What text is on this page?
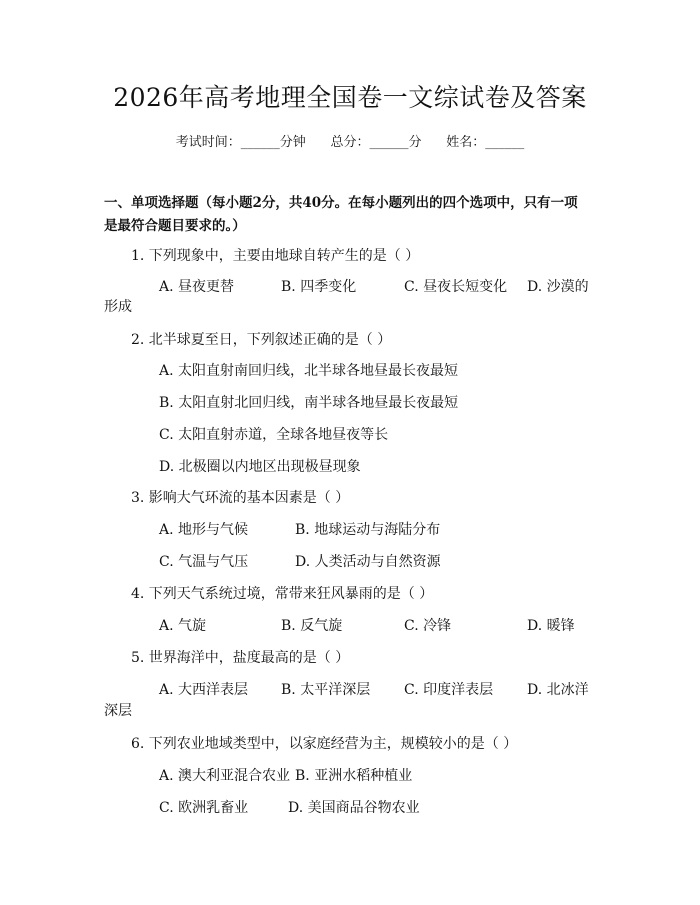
2026年高考地理全国卷一文综试卷及答案
考试时间：______分钟      总分：______分      姓名：______
一、单项选择题（每小题2分，共40分。在每小题列出的四个选项中，只有一项
是最符合题目要求的。）
1. 下列现象中，主要由地球自转产生的是（ ）
A. 昼夜更替	B. 四季变化	C. 昼夜长短变化 D. 沙漠的
形成
2. 北半球夏至日，下列叙述正确的是（ ）
A. 太阳直射南回归线，北半球各地昼最长夜最短
B. 太阳直射北回归线，南半球各地昼最长夜最短
C. 太阳直射赤道，全球各地昼夜等长
D. 北极圈以内地区出现极昼现象
3. 影响大气环流的基本因素是（ ）
A. 地形与气候	B. 地球运动与海陆分布
C. 气温与气压	D. 人类活动与自然资源
4. 下列天气系统过境，常带来狂风暴雨的是（ ）
A. 气旋	B. 反气旋	C. 冷锋	D. 暖锋
5. 世界海洋中，盐度最高的是（ ）
A. 大西洋表层 B. 太平洋深层 C. 印度洋表层 D. 北冰洋
深层
6. 下列农业地域类型中，以家庭经营为主，规模较小的是（ ）
A. 澳大利亚混合农业 B. 亚洲水稻种植业
C. 欧洲乳畜业	D. 美国商品谷物农业
